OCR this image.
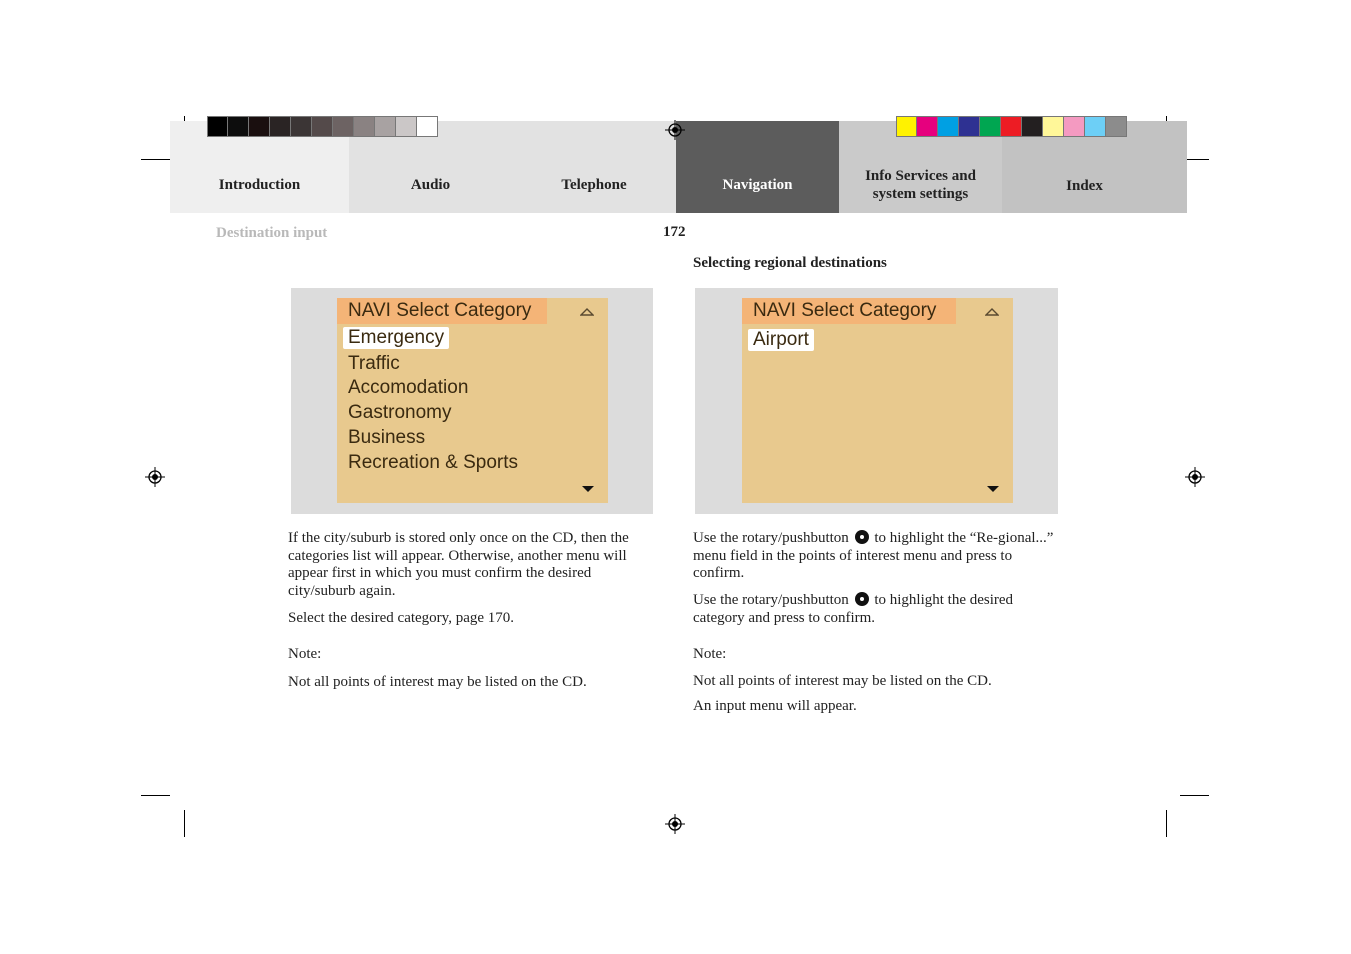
Introduction	Audio	Telephone	Navigation
Info Services and system settings	Index
Destination input	172
Selecting regional destinations
NAVI Select Category
Emergency
Traffic
Accomodation
Gastronomy
Business
Recreation & Sports
NAVI Select Category
Airport

If the city/suburb is stored only once on the CD, then the categories list will appear. Otherwise, another menu will appear first in which you must confirm the desired city/suburb again.

Select the desired category, page 170.

Note:

Not all points of interest may be listed on the CD.

Use the rotary/pushbutton to highlight the “Re-gional...” menu field in the points of interest menu and press to confirm.

Use the rotary/pushbutton to highlight the desired category and press to confirm.

Note:

Not all points of interest may be listed on the CD.

An input menu will appear.
